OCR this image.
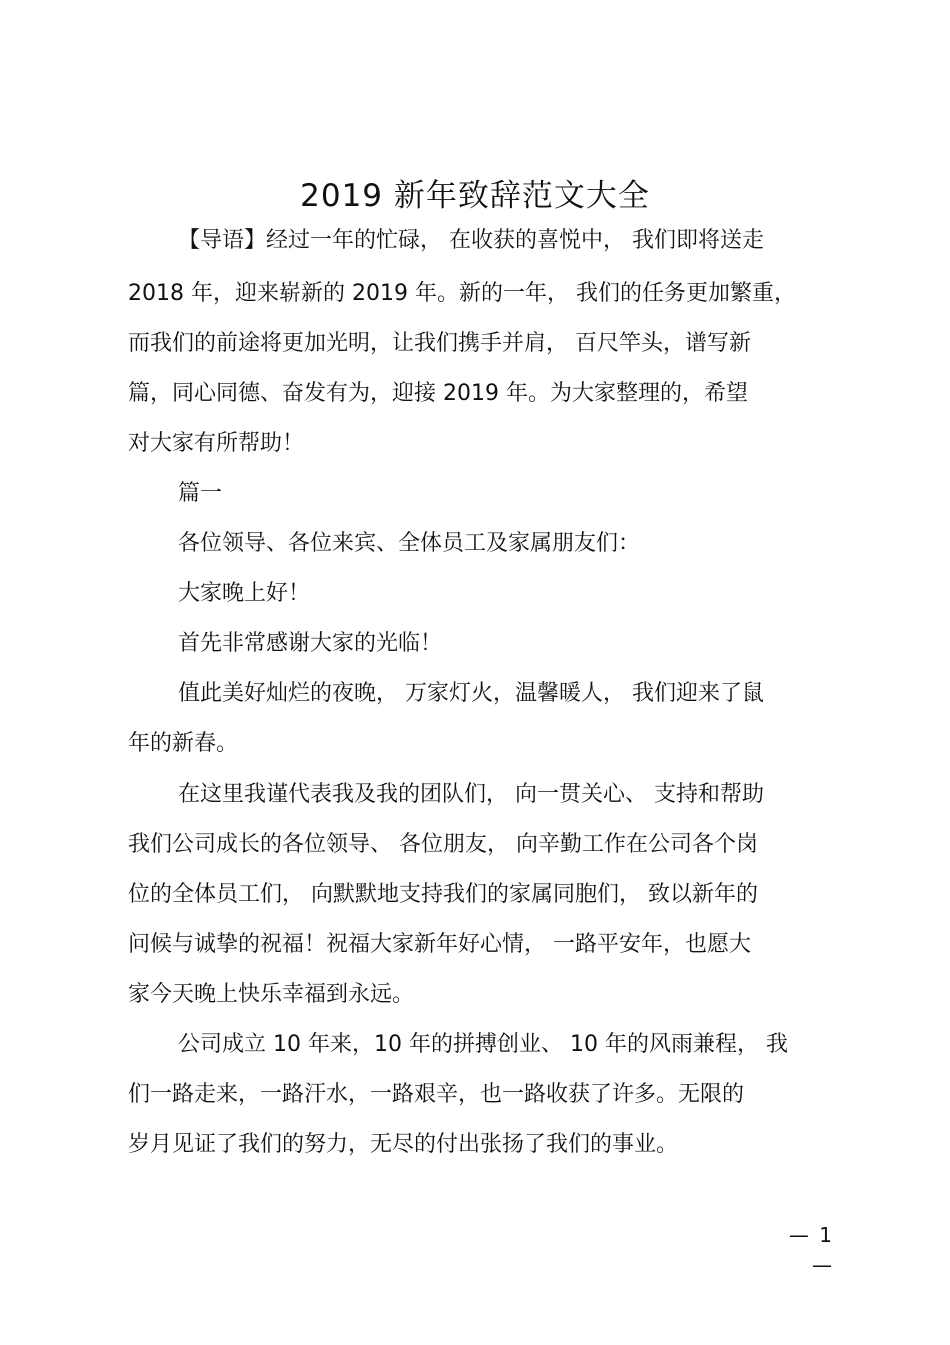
2019 新年致辞范文大全

【导语】经过一年的忙碌， 在收获的喜悦中， 我们即将送走

2018 年，迎来崭新的 2019 年。新的一年， 我们的任务更加繁重，

而我们的前途将更加光明，让我们携手并肩， 百尺竿头，谱写新

篇，同心同德、奋发有为，迎接 2019 年。为大家整理的，希望

对大家有所帮助！

篇一

各位领导、各位来宾、全体员工及家属朋友们：

大家晚上好！

首先非常感谢大家的光临！

值此美好灿烂的夜晚， 万家灯火，温馨暖人， 我们迎来了鼠

年的新春。

在这里我谨代表我及我的团队们， 向一贯关心、 支持和帮助

我们公司成长的各位领导、 各位朋友， 向辛勤工作在公司各个岗

位的全体员工们， 向默默地支持我们的家属同胞们， 致以新年的

问候与诚挚的祝福！祝福大家新年好心情， 一路平安年，也愿大

家今天晚上快乐幸福到永远。

公司成立 10 年来，10 年的拼搏创业、 10 年的风雨兼程， 我

们一路走来，一路汗水，一路艰辛，也一路收获了许多。无限的

岁月见证了我们的努力，无尽的付出张扬了我们的事业。

— 1 —
